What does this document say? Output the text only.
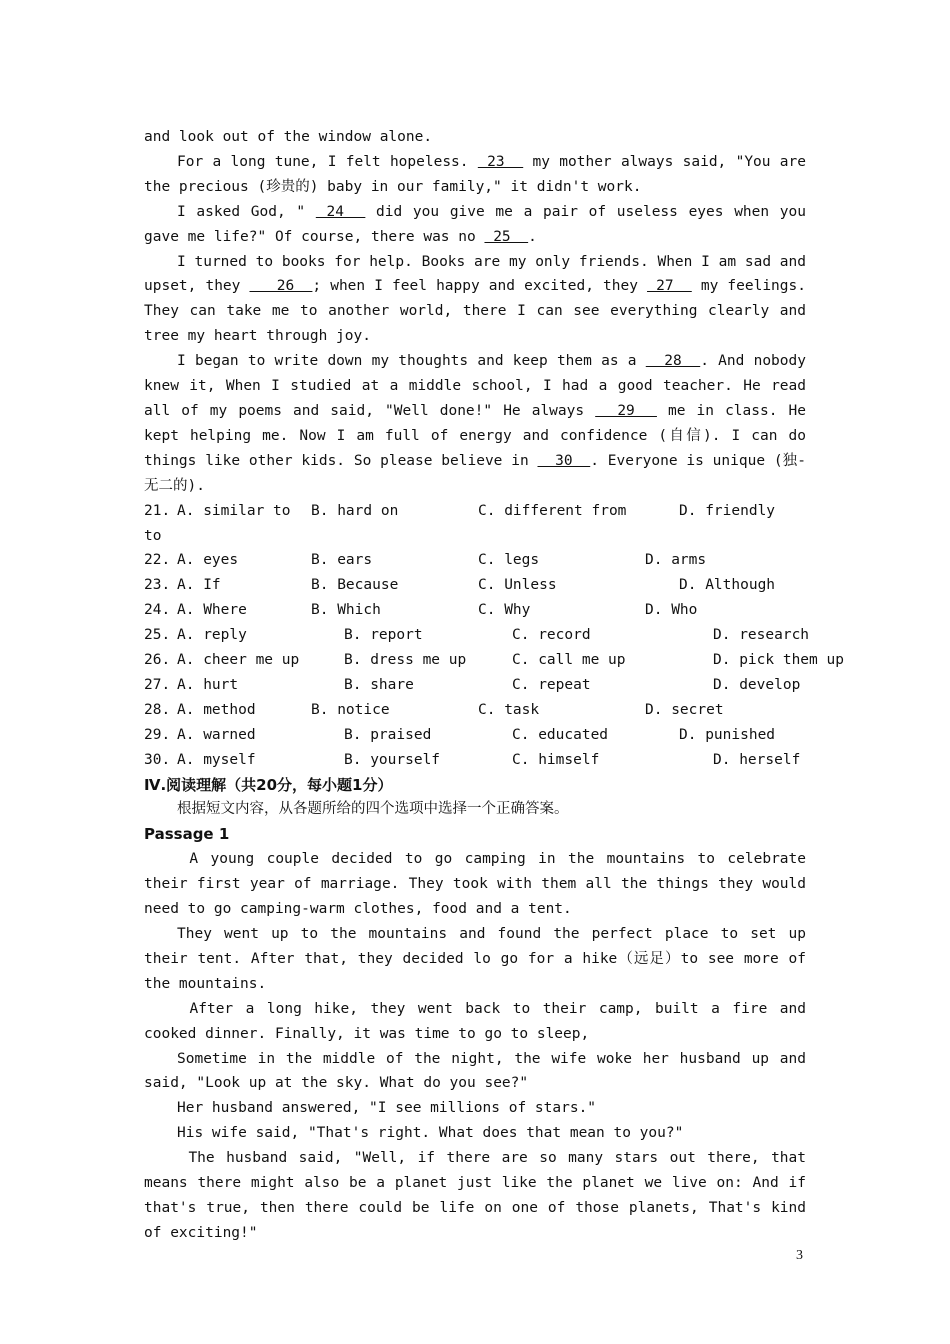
and look out of the window alone.

For a long tune, I felt hopeless.  23   my mother always said, "You are the precious (珍贵的) baby in our family," it didn't work.

I asked God, "  24   did you give me a pair of useless eyes when you gave me life?" Of course, there was no  25  .

I turned to books for help. Books are my only friends. When I am sad and upset, they    26  ; when I feel happy and excited, they  27   my feelings. They can take me to another world, there I can see everything clearly and tree my heart through joy.

I began to write down my thoughts and keep them as a   28  . And nobody knew it, When I studied at a middle school, I had a good teacher. He read all of my poems and said, "Well done!" He always   29   me in class. He kept helping me. Now I am full of energy and confidence (自信). I can do things like other kids. So please believe in   30  . Everyone is unique (独-无二的).

21. A. similar to	B. hard on	C. different from	D. friendly
to
22. A. eyes	B. ears	C. legs	D. arms
23. A. If	B. Because	C. Unless	D. Although
24. A. Where	B. Which	C. Why	D. Who
25. A. reply	B. report	C. record	D. research
26. A. cheer me up	B. dress me up	C. call me up	D. pick them up
27. A. hurt	B. share	C. repeat	D. develop
28. A. method	B. notice	C. task	D. secret
29. A. warned	B. praised	C. educated	D. punished
30. A. myself	B. yourself	C. himself	D. herself
Ⅳ.阅读理解（共20分，每小题1分）
根据短文内容，从各题所给的四个选项中选择一个正确答案。
Passage 1

A young couple decided to go camping in the mountains to celebrate their first year of marriage. They took with them all the things they would need to go camping-warm clothes, food and a tent.

They went up to the mountains and found the perfect place to set up their tent. After that, they decided lo go for a hike（远足）to see more of the mountains.

After a long hike, they went back to their camp, built a fire and cooked dinner. Finally, it was time to go to sleep,

Sometime in the middle of the night, the wife woke her husband up and said, "Look up at the sky. What do you see?"

Her husband answered, "I see millions of stars."

His wife said, "That's right. What does that mean to you?"

The husband said, "Well, if there are so many stars out there, that means there might also be a planet just like the planet we live on: And if that's true, then there could be life on one of those planets, That's kind of exciting!"

3
